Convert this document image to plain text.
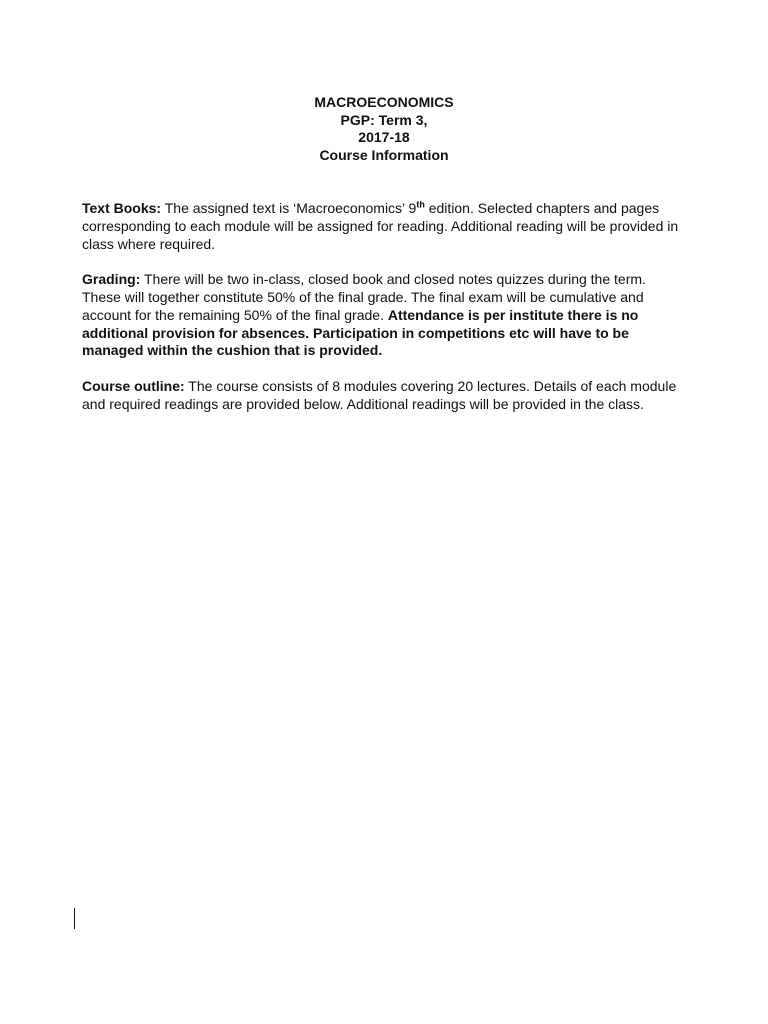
MACROECONOMICS
PGP: Term 3,
2017-18
Course Information

Text Books: The assigned text is ‘Macroeconomics’ 9th edition. Selected chapters and pages corresponding to each module will be assigned for reading. Additional reading will be provided in class where required.

Grading: There will be two in-class, closed book and closed notes quizzes during the term. These will together constitute 50% of the final grade. The final exam will be cumulative and account for the remaining 50% of the final grade. Attendance is per institute there is no additional provision for absences. Participation in competitions etc will have to be managed within the cushion that is provided.

Course outline: The course consists of 8 modules covering 20 lectures. Details of each module and required readings are provided below. Additional readings will be provided in the class.
